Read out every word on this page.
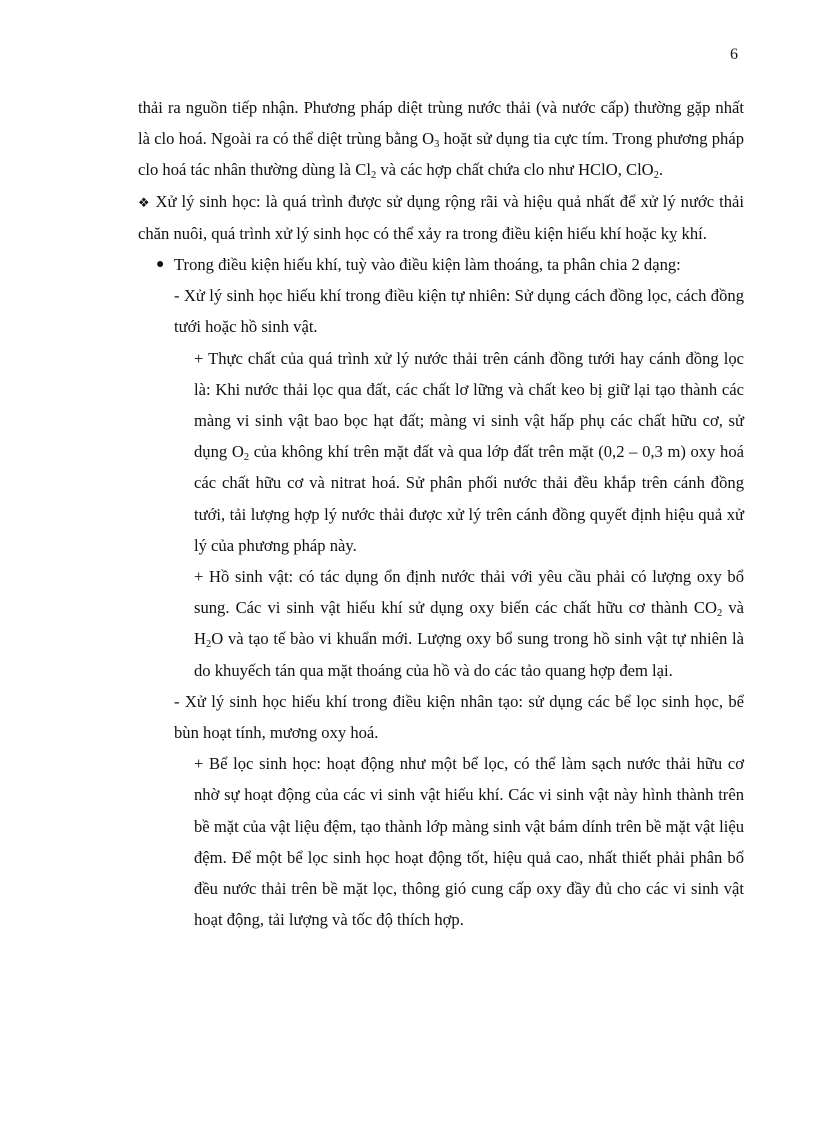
6

thải ra nguồn tiếp nhận. Phương pháp diệt trùng nước thải (và nước cấp) thường gặp nhất là clo hoá. Ngoài ra có thể diệt trùng bằng $O_3$ hoặt sử dụng tia cực tím. Trong phương pháp clo hoá tác nhân thường dùng là $Cl_2$ và các hợp chất chứa clo như HClO, ClO$_2$.

❖ Xử lý sinh học: là quá trình được sử dụng rộng rãi và hiệu quả nhất để xử lý nước thải chăn nuôi, quá trình xử lý sinh học có thể xảy ra trong điều kiện hiếu khí hoặc kỵ khí.

● Trong điều kiện hiếu khí, tuỳ vào điều kiện làm thoáng, ta phân chia 2 dạng:

- Xử lý sinh học hiếu khí trong điều kiện tự nhiên: Sử dụng cách đồng lọc, cách đồng tưới hoặc hồ sinh vật.

+ Thực chất của quá trình xử lý nước thải trên cánh đồng tưới hay cánh đồng lọc là: Khi nước thải lọc qua đất, các chất lơ lững và chất keo bị giữ lại tạo thành các màng vi sinh vật bao bọc hạt đất; màng vi sinh vật hấp phụ các chất hữu cơ, sử dụng $O_2$ của không khí trên mặt đất và qua lớp đất trên mặt (0,2 – 0,3 m) oxy hoá các chất hữu cơ và nitrat hoá. Sử phân phối nước thải đều khắp trên cánh đồng tưới, tải lượng hợp lý nước thải được xử lý trên cánh đồng quyết định hiệu quả xử lý của phương pháp này.

+ Hồ sinh vật: có tác dụng ổn định nước thải với yêu cầu phải có lượng oxy bổ sung. Các vi sinh vật hiếu khí sử dụng oxy biến các chất hữu cơ thành $CO_2$ và $H_2O$ và tạo tế bào vi khuẩn mới. Lượng oxy bổ sung trong hồ sinh vật tự nhiên là do khuyếch tán qua mặt thoáng của hồ và do các tảo quang hợp đem lại.

- Xử lý sinh học hiếu khí trong điều kiện nhân tạo: sử dụng các bể lọc sinh học, bể bùn hoạt tính, mương oxy hoá.

+ Bể lọc sinh học: hoạt động như một bể lọc, có thể làm sạch nước thải hữu cơ nhờ sự hoạt động của các vi sinh vật hiếu khí. Các vi sinh vật này hình thành trên bề mặt của vật liệu đệm, tạo thành lớp màng sinh vật bám dính trên bề mặt vật liệu đệm. Để một bể lọc sinh học hoạt động tốt, hiệu quả cao, nhất thiết phải phân bố đều nước thải trên bề mặt lọc, thông gió cung cấp oxy đầy đủ cho các vi sinh vật hoạt động, tải lượng và tốc độ thích hợp.
